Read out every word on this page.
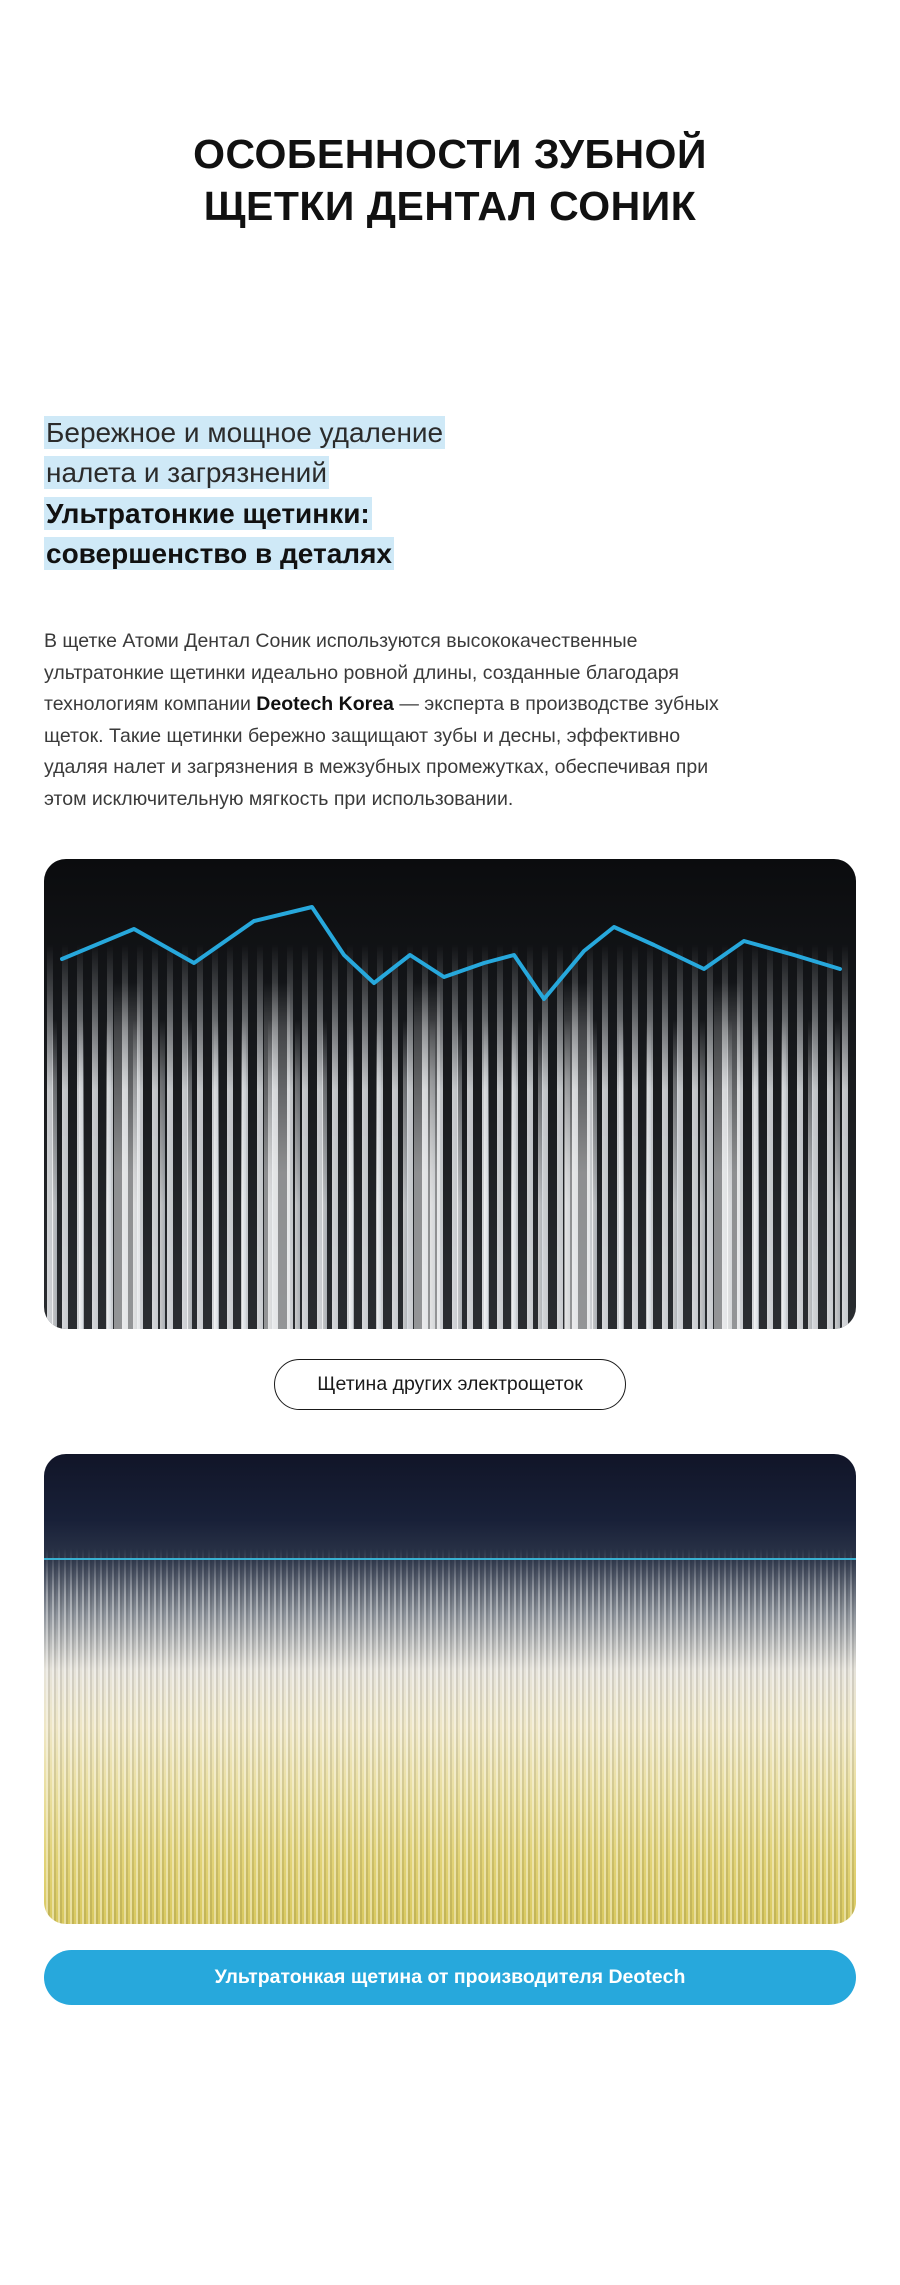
ОСОБЕННОСТИ ЗУБНОЙ
ЩЕТКИ ДЕНТАЛ СОНИК
Бережное и мощное удаление
налета и загрязнений
Ультратонкие щетинки:
совершенство в деталях

В щетке Атоми Дентал Соник используются высококачественные ультратонкие щетинки идеально ровной длины, созданные благодаря технологиям компании Deotech Korea — эксперта в производстве зубных щеток. Такие щетинки бережно защищают зубы и десны, эффективно удаляя налет и загрязнения в межзубных промежутках, обеспечивая при этом исключительную мягкость при использовании.

Щетина других электрощеток
Ультратонкая щетина от производителя Deotech
